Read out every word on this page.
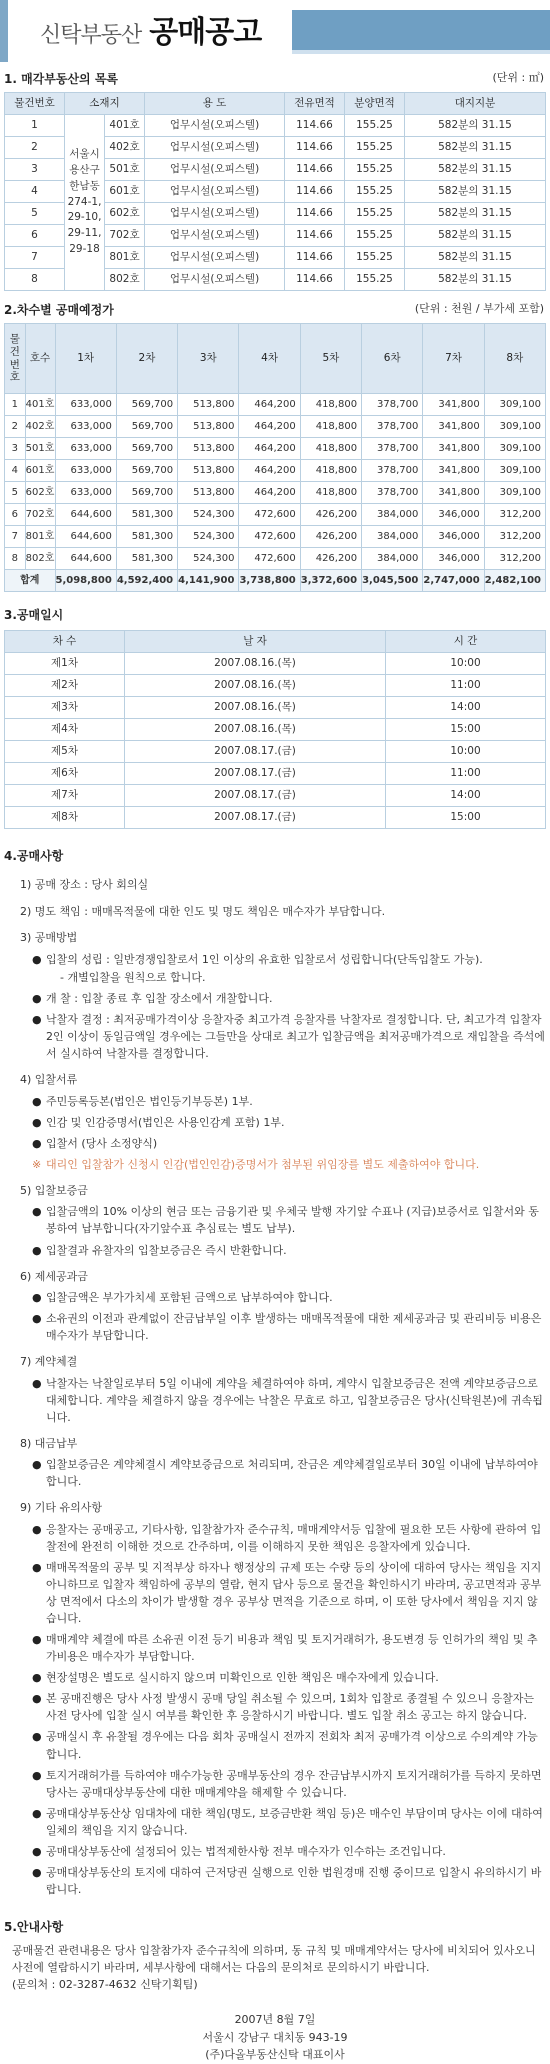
신탁부동산 공매공고
1. 매각부동산의 목록	(단위 : ㎡)
물건번호	소재지		용 도	전유면적	분양면적	대지지분
1	서울시 용산구 한남동 274-1, 29-10, 29-11, 29-18	401호	업무시설(오피스텔)	114.66	155.25	582분의 31.15
2		402호	업무시설(오피스텔)	114.66	155.25	582분의 31.15
3		501호	업무시설(오피스텔)	114.66	155.25	582분의 31.15
4		601호	업무시설(오피스텔)	114.66	155.25	582분의 31.15
5		602호	업무시설(오피스텔)	114.66	155.25	582분의 31.15
6		702호	업무시설(오피스텔)	114.66	155.25	582분의 31.15
7		801호	업무시설(오피스텔)	114.66	155.25	582분의 31.15
8		802호	업무시설(오피스텔)	114.66	155.25	582분의 31.15
2.차수별 공매예정가	(단위 : 천원 / 부가세 포함)
물건번호	호수	1차	2차	3차	4차	5차	6차	7차	8차
1	401호	633,000	569,700	513,800	464,200	418,800	378,700	341,800	309,100
2	402호	633,000	569,700	513,800	464,200	418,800	378,700	341,800	309,100
3	501호	633,000	569,700	513,800	464,200	418,800	378,700	341,800	309,100
4	601호	633,000	569,700	513,800	464,200	418,800	378,700	341,800	309,100
5	602호	633,000	569,700	513,800	464,200	418,800	378,700	341,800	309,100
6	702호	644,600	581,300	524,300	472,600	426,200	384,000	346,000	312,200
7	801호	644,600	581,300	524,300	472,600	426,200	384,000	346,000	312,200
8	802호	644,600	581,300	524,300	472,600	426,200	384,000	346,000	312,200
합계		5,098,800	4,592,400	4,141,900	3,738,800	3,372,600	3,045,500	2,747,000	2,482,100
3.공매일시
차 수	날 자	시 간
제1차	2007.08.16.(목)	10:00
제2차	2007.08.16.(목)	11:00
제3차	2007.08.16.(목)	14:00
제4차	2007.08.16.(목)	15:00
제5차	2007.08.17.(금)	10:00
제6차	2007.08.17.(금)	11:00
제7차	2007.08.17.(금)	14:00
제8차	2007.08.17.(금)	15:00
4.공매사항
1) 공매 장소 : 당사 회의실
2) 명도 책임 : 매매목적물에 대한 인도 및 명도 책임은 매수자가 부담합니다.
3) 공매방법
● 입찰의 성립 : 일반경쟁입찰로서 1인 이상의 유효한 입찰로서 성립합니다(단독입찰도 가능).
- 개별입찰을 원칙으로 합니다.
● 개 찰 : 입찰 종료 후 입찰 장소에서 개찰합니다.
● 낙찰자 결정 : 최저공매가격이상 응찰자중 최고가격 응찰자를 낙찰자로 결정합니다. 단, 최고가격 입찰자 2인 이상이 동일금액일 경우에는 그들만을 상대로 최고가 입찰금액을 최저공매가격으로 재입찰을 즉석에서 실시하여 낙찰자를 결정합니다.
4) 입찰서류
● 주민등록등본(법인은 법인등기부등본) 1부.
● 인감 및 인감증명서(법인은 사용인감계 포함) 1부.
● 입찰서 (당사 소정양식)
※ 대리인 입찰참가 신청시 인감(법인인감)증명서가 첨부된 위임장를 별도 제출하여야 합니다.
5) 입찰보증금
● 입찰금액의 10% 이상의 현금 또는 금융기관 및 우체국 발행 자기앞 수표나 (지급)보증서로 입찰서와 동봉하여 납부합니다(자기앞수표 추심료는 별도 납부).
● 입찰결과 유찰자의 입찰보증금은 즉시 반환합니다.
6) 제세공과금
● 입찰금액은 부가가치세 포함된 금액으로 납부하여야 합니다.
● 소유권의 이전과 관계없이 잔금납부일 이후 발생하는 매매목적물에 대한 제세공과금 및 관리비등 비용은 매수자가 부담합니다.
7) 계약체결
● 낙찰자는 낙찰일로부터 5일 이내에 계약을 체결하여야 하며, 계약시 입찰보증금은 전액 계약보증금으로 대체합니다. 계약을 체결하지 않을 경우에는 낙찰은 무효로 하고, 입찰보증금은 당사(신탁원본)에 귀속됩니다.
8) 대금납부
● 입찰보증금은 계약체결시 계약보증금으로 처리되며, 잔금은 계약체결일로부터 30일 이내에 납부하여야 합니다.
9) 기타 유의사항
● 응찰자는 공매공고, 기타사항, 입찰참가자 준수규칙, 매매계약서등 입찰에 필요한 모든 사항에 관하여 입찰전에 완전히 이해한 것으로 간주하며, 이를 이해하지 못한 책임은 응찰자에게 있습니다.
● 매매목적물의 공부 및 지적부상 하자나 행정상의 규제 또는 수량 등의 상이에 대하여 당사는 책임을 지지 아니하므로 입찰자 책임하에 공부의 열람, 현지 답사 등으로 물건을 확인하시기 바라며, 공고면적과 공부상 면적에서 다소의 차이가 발생할 경우 공부상 면적을 기준으로 하며, 이 또한 당사에서 책임을 지지 않습니다.
● 매매계약 체결에 따른 소유권 이전 등기 비용과 책임 및 토지거래허가, 용도변경 등 인허가의 책임 및 추가비용은 매수자가 부담합니다.
● 현장설명은 별도로 실시하지 않으며 미확인으로 인한 책임은 매수자에게 있습니다.
● 본 공매진행은 당사 사정 발생시 공매 당일 취소될 수 있으며, 1회차 입찰로 종결될 수 있으니 응찰자는 사전 당사에 입찰 실시 여부를 확인한 후 응찰하시기 바랍니다. 별도 입찰 취소 공고는 하지 않습니다.
● 공매실시 후 유찰될 경우에는 다음 회차 공매실시 전까지 전회차 최저 공매가격 이상으로 수의계약 가능합니다.
● 토지거래허가를 득하여야 매수가능한 공매부동산의 경우 잔금납부시까지 토지거래허가를 득하지 못하면 당사는 공매대상부동산에 대한 매매계약을 해제할 수 있습니다.
● 공매대상부동산상 임대차에 대한 책임(명도, 보증금반환 책임 등)은 매수인 부담이며 당사는 이에 대하여 일체의 책임을 지지 않습니다.
● 공매대상부동산에 설정되어 있는 법적제한사항 전부 매수자가 인수하는 조건입니다.
● 공매대상부동산의 토지에 대하여 근저당권 실행으로 인한 법원경매 진행 중이므로 입찰시 유의하시기 바랍니다.
5.안내사항
공매물건 관련내용은 당사 입찰참가자 준수규칙에 의하며, 동 규칙 및 매매계약서는 당사에 비치되어 있사오니 사전에 열람하시기 바라며, 세부사항에 대해서는 다음의 문의처로 문의하시기 바랍니다.
(문의처 : 02-3287-4632 신탁기획팀)
2007년 8월 7일
서울시 강남구 대치동 943-19
(주)다올부동산신탁 대표이사
